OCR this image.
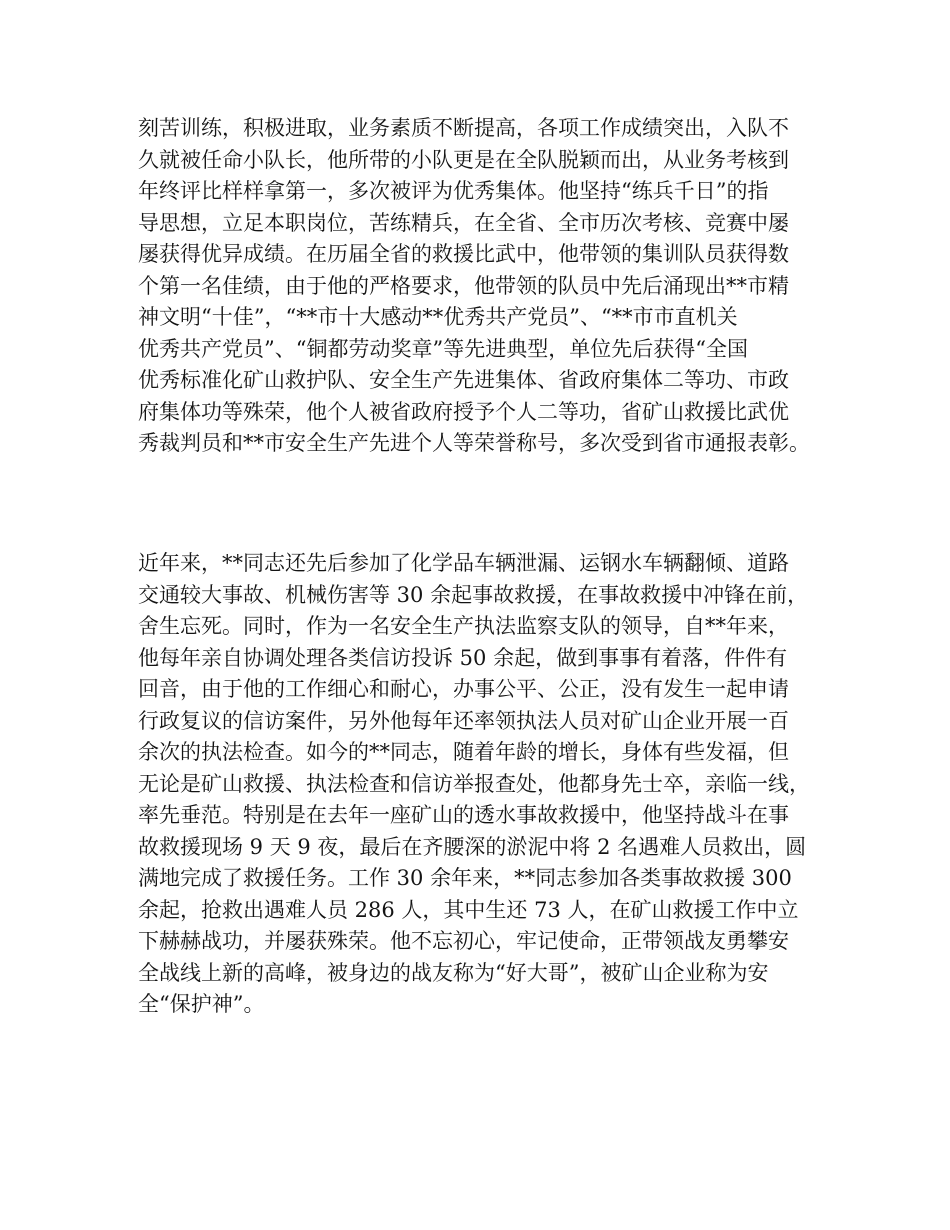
刻苦训练，积极进取，业务素质不断提高，各项工作成绩突出，入队不
久就被任命小队长，他所带的小队更是在全队脱颖而出，从业务考核到
年终评比样样拿第一，多次被评为优秀集体。他坚持“练兵千日”的指
导思想，立足本职岗位，苦练精兵，在全省、全市历次考核、竞赛中屡
屡获得优异成绩。在历届全省的救援比武中，他带领的集训队员获得数
个第一名佳绩，由于他的严格要求，他带领的队员中先后涌现出**市精
神文明“十佳”，“**市十大感动**优秀共产党员”、“**市市直机关
优秀共产党员”、“铜都劳动奖章”等先进典型，单位先后获得“全国
优秀标准化矿山救护队、安全生产先进集体、省政府集体二等功、市政
府集体功等殊荣，他个人被省政府授予个人二等功，省矿山救援比武优
秀裁判员和**市安全生产先进个人等荣誉称号，多次受到省市通报表彰。
近年来，**同志还先后参加了化学品车辆泄漏、运钢水车辆翻倾、道路
交通较大事故、机械伤害等 30 余起事故救援，在事故救援中冲锋在前，
舍生忘死。同时，作为一名安全生产执法监察支队的领导，自**年来，
他每年亲自协调处理各类信访投诉 50 余起，做到事事有着落，件件有
回音，由于他的工作细心和耐心，办事公平、公正，没有发生一起申请
行政复议的信访案件，另外他每年还率领执法人员对矿山企业开展一百
余次的执法检查。如今的**同志，随着年龄的增长，身体有些发福，但
无论是矿山救援、执法检查和信访举报查处，他都身先士卒，亲临一线，
率先垂范。特别是在去年一座矿山的透水事故救援中，他坚持战斗在事
故救援现场 9 天 9 夜，最后在齐腰深的淤泥中将 2 名遇难人员救出，圆
满地完成了救援任务。工作 30 余年来，**同志参加各类事故救援 300
余起，抢救出遇难人员 286 人，其中生还 73 人，在矿山救援工作中立
下赫赫战功，并屡获殊荣。他不忘初心，牢记使命，正带领战友勇攀安
全战线上新的高峰，被身边的战友称为“好大哥”，被矿山企业称为安
全“保护神”。
